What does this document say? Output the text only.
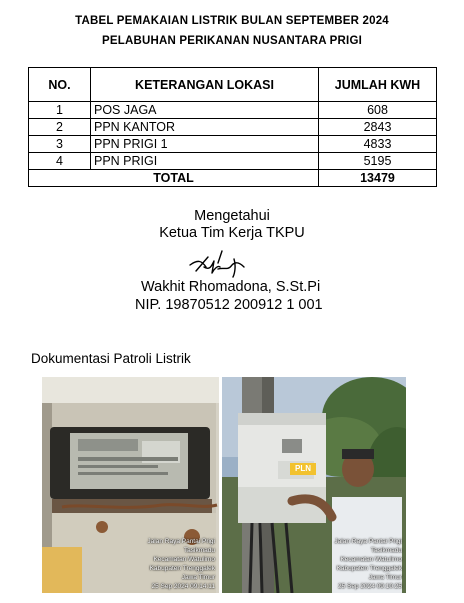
TABEL PEMAKAIAN LISTRIK BULAN SEPTEMBER 2024
PELABUHAN PERIKANAN NUSANTARA PRIGI
NO.	KETERANGAN LOKASI	JUMLAH KWH
1	POS JAGA	608
2	PPN KANTOR	2843
3	PPN PRIGI 1	4833
4	PPN PRIGI	5195
TOTAL		13479
Mengetahui
Ketua Tim Kerja TKPU
Wakhit Rhomadona, S.St.Pi
NIP. 19870512 200912 1 001
Dokumentasi Patroli Listrik
Jalan Raya Pantai Prigi
Tasikmadu
Kecamatan Watulimo
Kabupaten Trenggalek
Jawa Timur
25 Sep 2024 09:14:11
PLN
Jalan Raya Pantai Prigi
Tasikmadu
Kecamatan Watulimo
Kabupaten Trenggalek
Jawa Timur
25 Sep 2024 09:10:25
